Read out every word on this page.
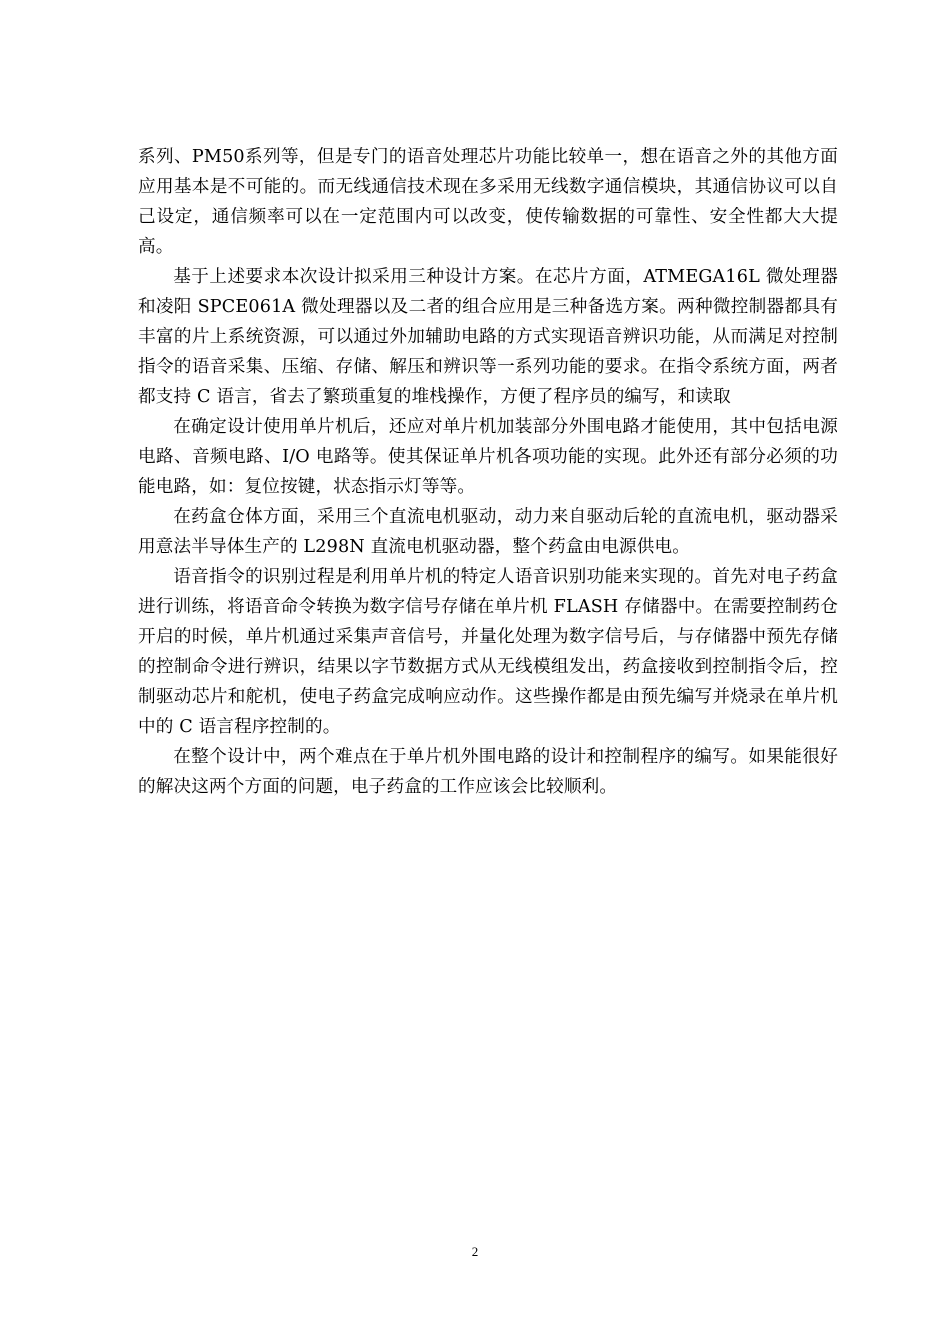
系列、PM50系列等，但是专门的语音处理芯片功能比较单一，想在语音之外的其他方面应用基本是不可能的。而无线通信技术现在多采用无线数字通信模块，其通信协议可以自己设定，通信频率可以在一定范围内可以改变，使传输数据的可靠性、安全性都大大提高。

基于上述要求本次设计拟采用三种设计方案。在芯片方面，ATMEGA16L 微处理器和凌阳 SPCE061A 微处理器以及二者的组合应用是三种备选方案。两种微控制器都具有丰富的片上系统资源，可以通过外加辅助电路的方式实现语音辨识功能，从而满足对控制指令的语音采集、压缩、存储、解压和辨识等一系列功能的要求。在指令系统方面，两者都支持 C 语言，省去了繁琐重复的堆栈操作，方便了程序员的编写，和读取

在确定设计使用单片机后，还应对单片机加装部分外围电路才能使用，其中包括电源电路、音频电路、I/O 电路等。使其保证单片机各项功能的实现。此外还有部分必须的功能电路，如：复位按键，状态指示灯等等。

在药盒仓体方面，采用三个直流电机驱动，动力来自驱动后轮的直流电机，驱动器采用意法半导体生产的 L298N 直流电机驱动器，整个药盒由电源供电。

语音指令的识别过程是利用单片机的特定人语音识别功能来实现的。首先对电子药盒进行训练，将语音命令转换为数字信号存储在单片机 FLASH 存储器中。在需要控制药仓开启的时候，单片机通过采集声音信号，并量化处理为数字信号后，与存储器中预先存储的控制命令进行辨识，结果以字节数据方式从无线模组发出，药盒接收到控制指令后，控制驱动芯片和舵机，使电子药盒完成响应动作。这些操作都是由预先编写并烧录在单片机中的 C 语言程序控制的。

在整个设计中，两个难点在于单片机外围电路的设计和控制程序的编写。如果能很好的解决这两个方面的问题，电子药盒的工作应该会比较顺利。

2
